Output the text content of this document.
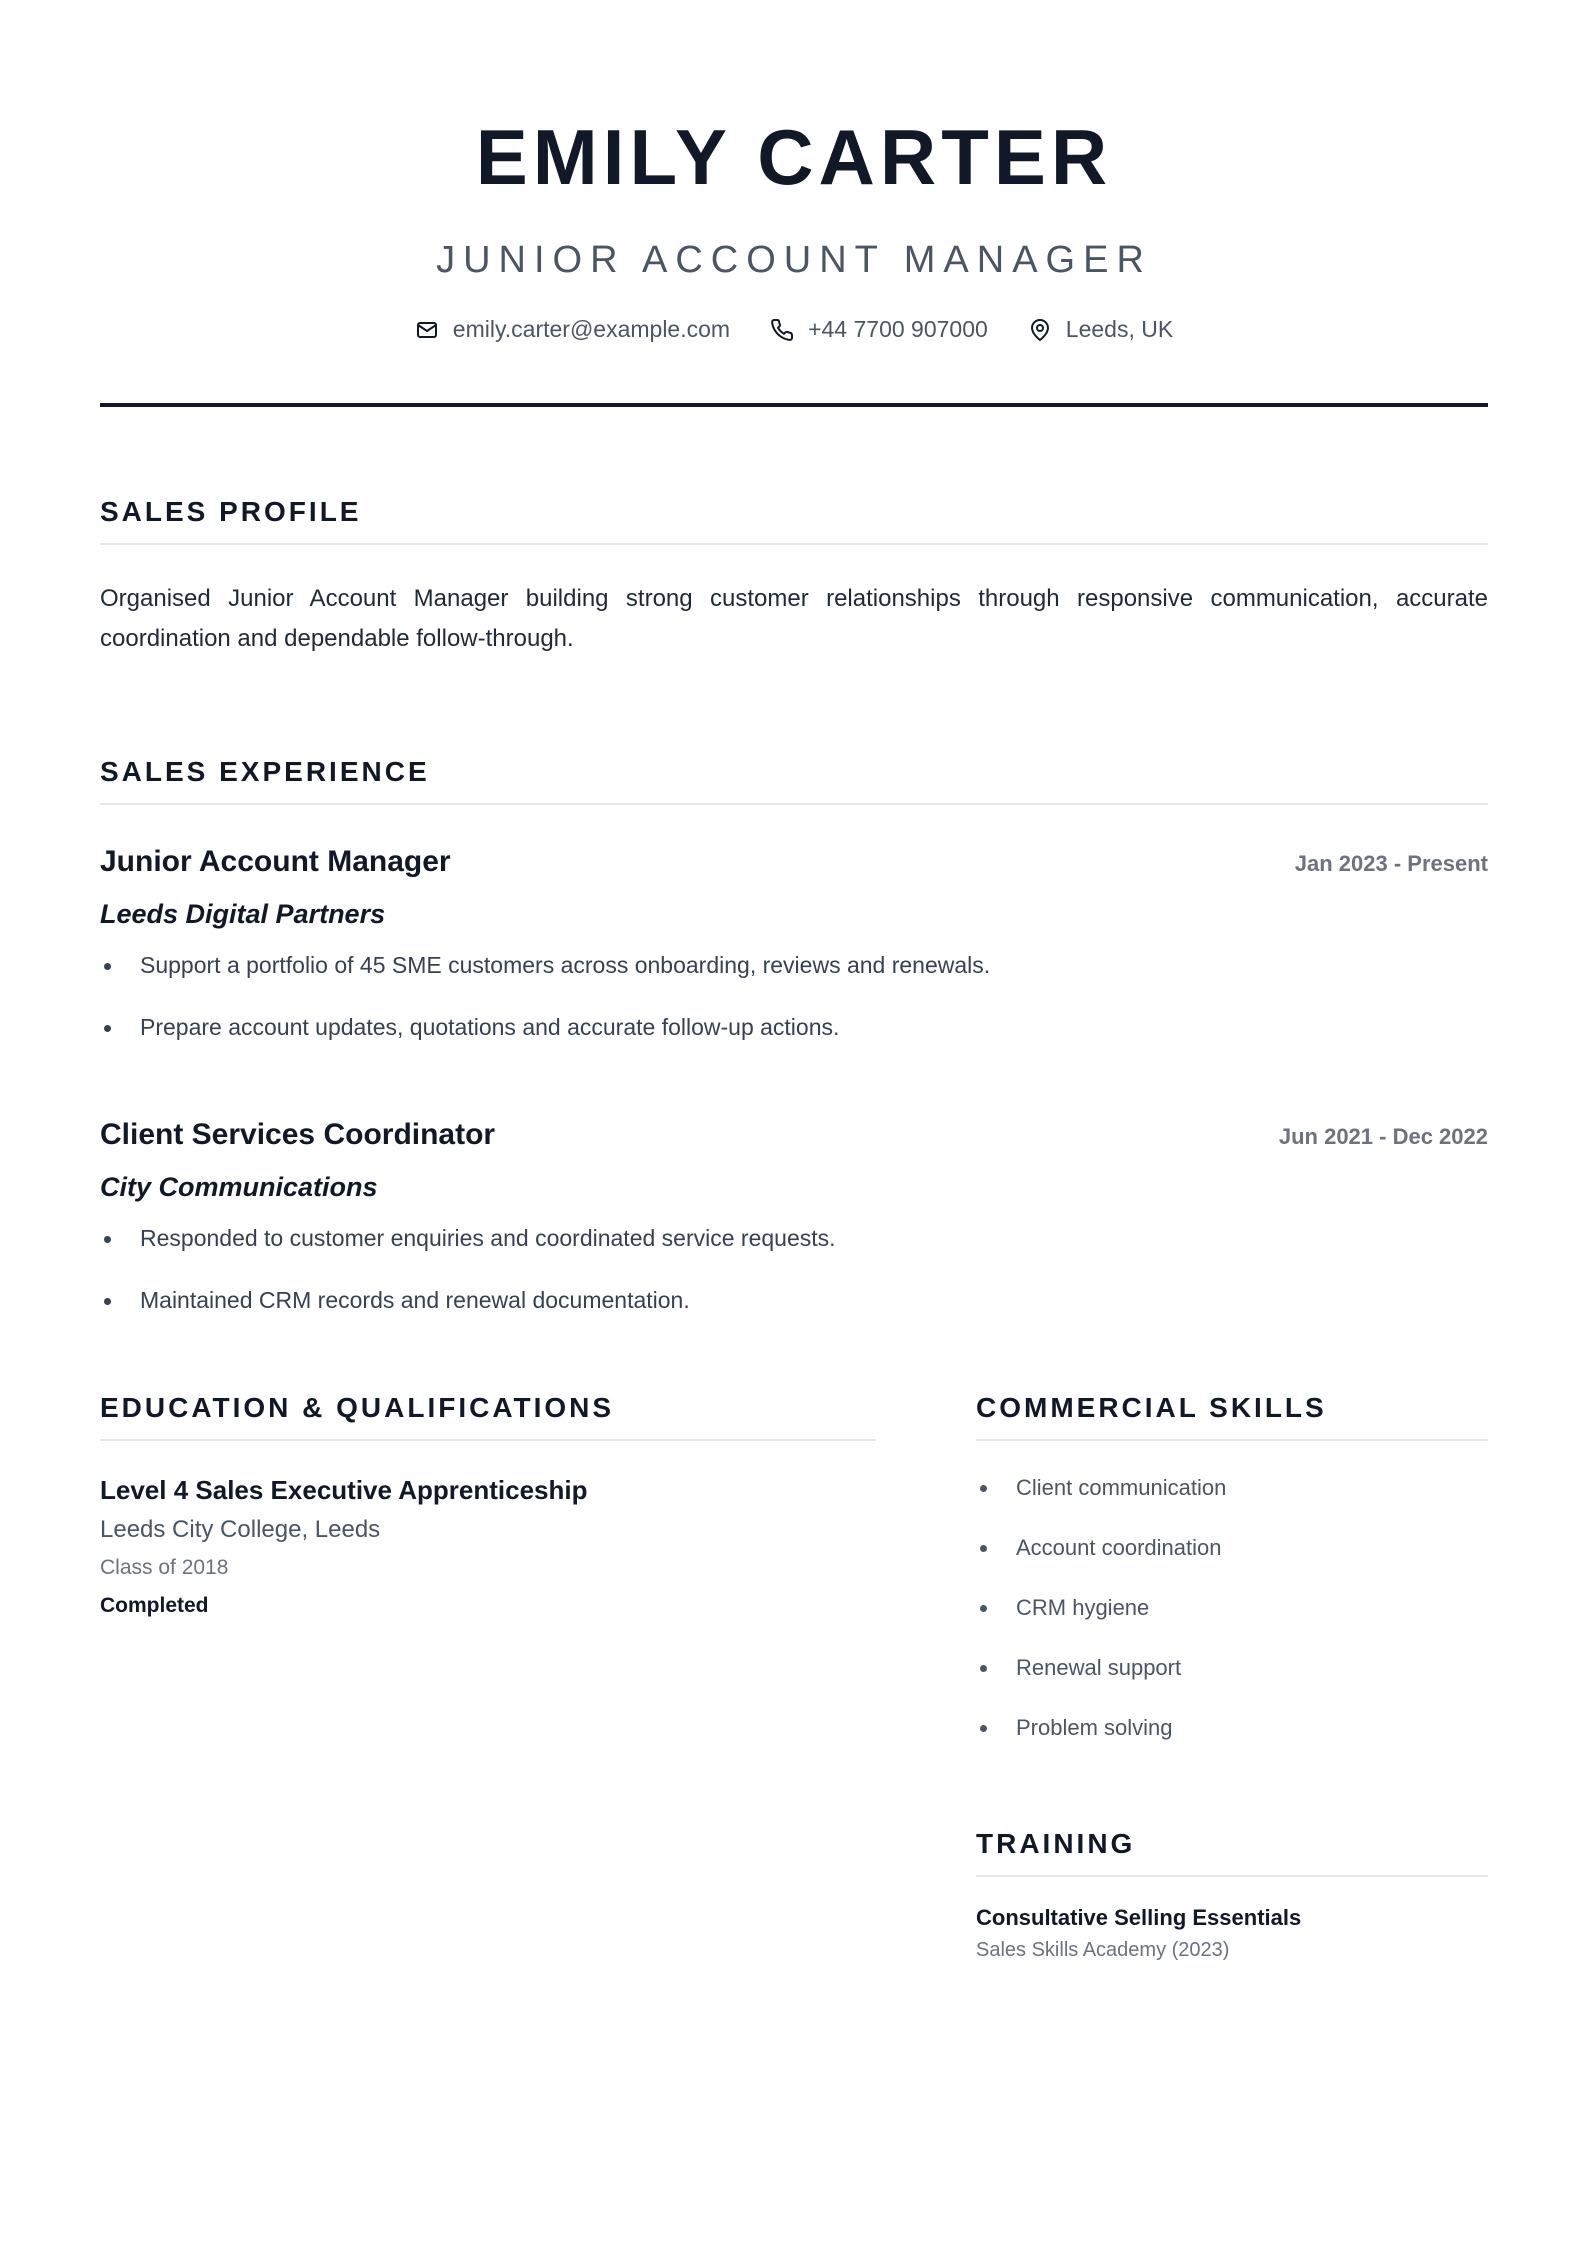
EMILY CARTER
JUNIOR ACCOUNT MANAGER
emily.carter@example.com	+44 7700 907000	Leeds, UK
SALES PROFILE

Organised Junior Account Manager building strong customer relationships through responsive communication, accurate coordination and dependable follow-through.

SALES EXPERIENCE
Junior Account Manager	Jan 2023 - Present
Leeds Digital Partners
Support a portfolio of 45 SME customers across onboarding, reviews and renewals.
Prepare account updates, quotations and accurate follow-up actions.
Client Services Coordinator	Jun 2021 - Dec 2022
City Communications
Responded to customer enquiries and coordinated service requests.
Maintained CRM records and renewal documentation.
EDUCATION & QUALIFICATIONS
Level 4 Sales Executive Apprenticeship
Leeds City College, Leeds
Class of 2018
Completed
COMMERCIAL SKILLS
Client communication
Account coordination
CRM hygiene
Renewal support
Problem solving
TRAINING
Consultative Selling Essentials
Sales Skills Academy (2023)
